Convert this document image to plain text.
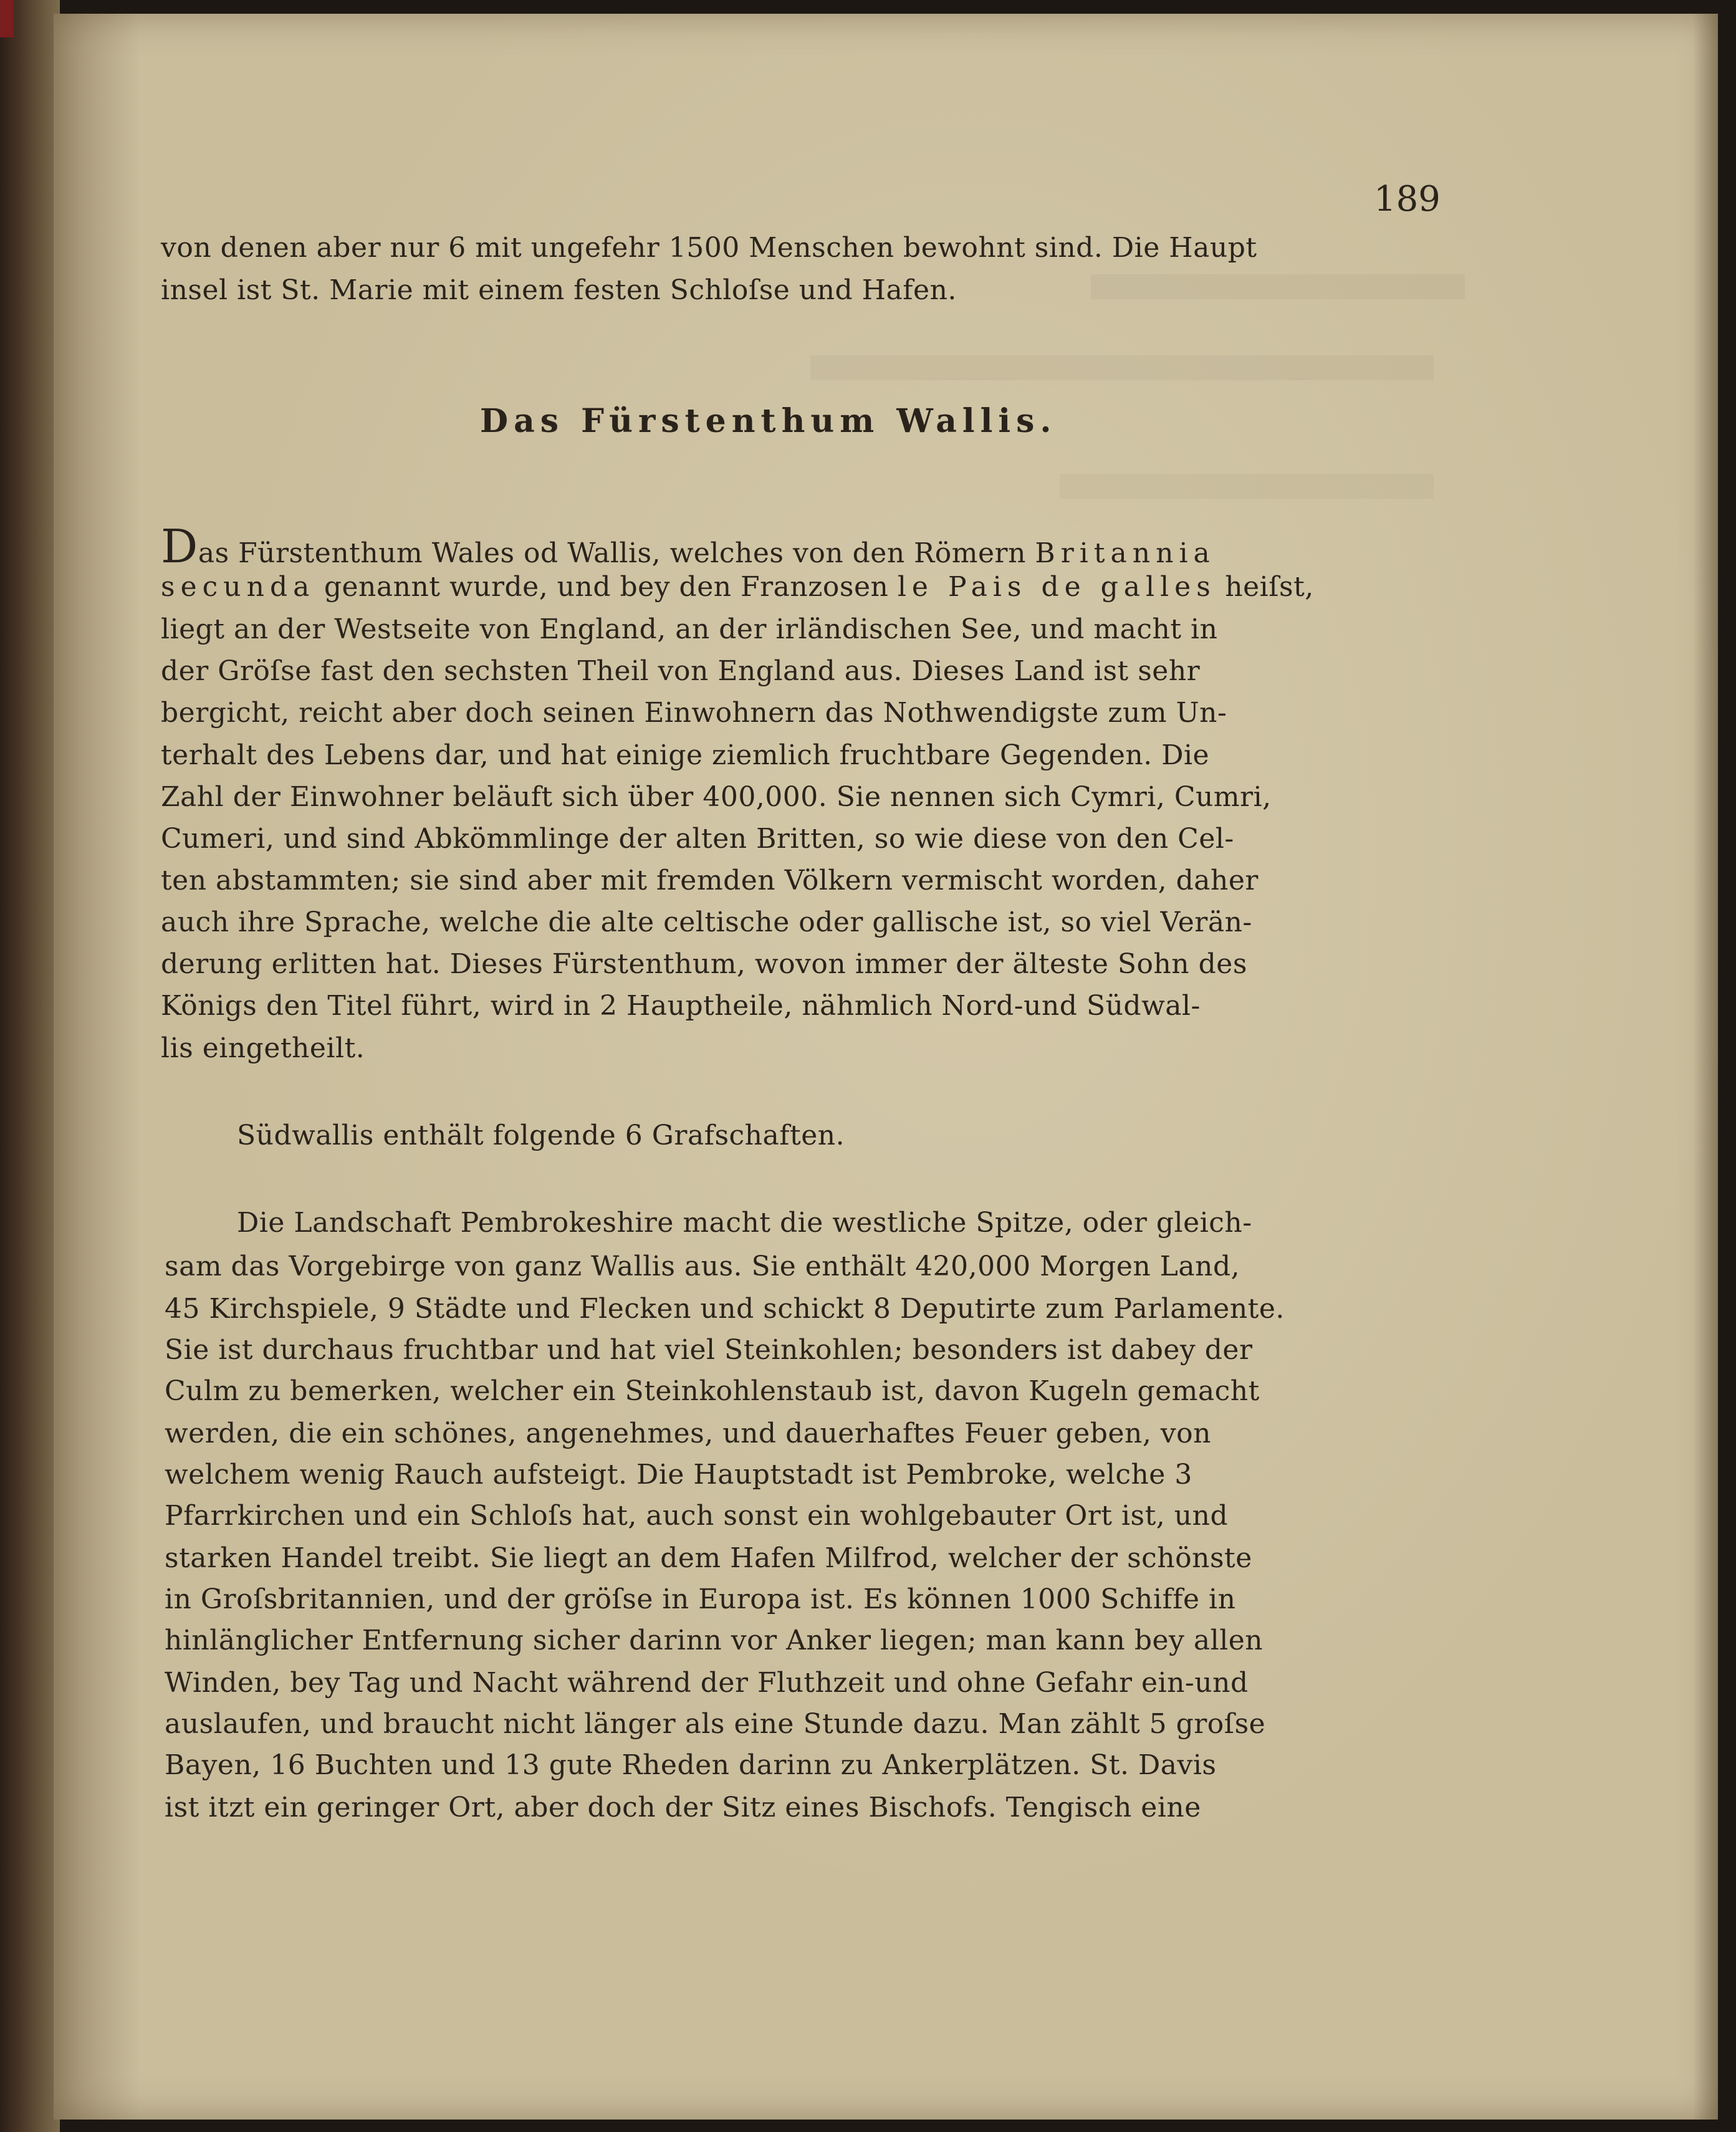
189
von denen aber nur 6 mit ungefehr 1500 Menschen bewohnt sind. Die Haupt
insel ist St. Marie mit einem festen Schloſse und Hafen.
Das Fürstenthum Wallis.
Das Fürstenthum Wales od Wallis, welches von den Römern Britannia
secunda genannt wurde, und bey den Franzosen le Pais de galles heiſst,
liegt an der Westseite von England, an der irländischen See, und macht in
der Gröſse fast den sechsten Theil von England aus. Dieses Land ist sehr
bergicht, reicht aber doch seinen Einwohnern das Nothwendigste zum Un-
terhalt des Lebens dar, und hat einige ziemlich fruchtbare Gegenden. Die
Zahl der Einwohner beläuft sich über 400,000. Sie nennen sich Cymri, Cumri,
Cumeri, und sind Abkömmlinge der alten Britten, so wie diese von den Cel-
ten abstammten; sie sind aber mit fremden Völkern vermischt worden, daher
auch ihre Sprache, welche die alte celtische oder gallische ist, so viel Verän-
derung erlitten hat. Dieses Fürstenthum, wovon immer der älteste Sohn des
Königs den Titel führt, wird in 2 Hauptheile, nähmlich Nord-und Südwal-
lis eingetheilt.
Südwallis enthält folgende 6 Grafschaften.
Die Landschaft Pembrokeshire macht die westliche Spitze, oder gleich-
sam das Vorgebirge von ganz Wallis aus. Sie enthält 420,000 Morgen Land,
45 Kirchspiele, 9 Städte und Flecken und schickt 8 Deputirte zum Parlamente.
Sie ist durchaus fruchtbar und hat viel Steinkohlen; besonders ist dabey der
Culm zu bemerken, welcher ein Steinkohlenstaub ist, davon Kugeln gemacht
werden, die ein schönes, angenehmes, und dauerhaftes Feuer geben, von
welchem wenig Rauch aufsteigt. Die Hauptstadt ist Pembroke, welche 3
Pfarrkirchen und ein Schloſs hat, auch sonst ein wohlgebauter Ort ist, und
starken Handel treibt. Sie liegt an dem Hafen Milfrod, welcher der schönste
in Groſsbritannien, und der gröſse in Europa ist. Es können 1000 Schiffe in
hinlänglicher Entfernung sicher darinn vor Anker liegen; man kann bey allen
Winden, bey Tag und Nacht während der Fluthzeit und ohne Gefahr ein-und
auslaufen, und braucht nicht länger als eine Stunde dazu. Man zählt 5 groſse
Bayen, 16 Buchten und 13 gute Rheden darinn zu Ankerplätzen. St. Davis
ist itzt ein geringer Ort, aber doch der Sitz eines Bischofs. Tengisch eine
